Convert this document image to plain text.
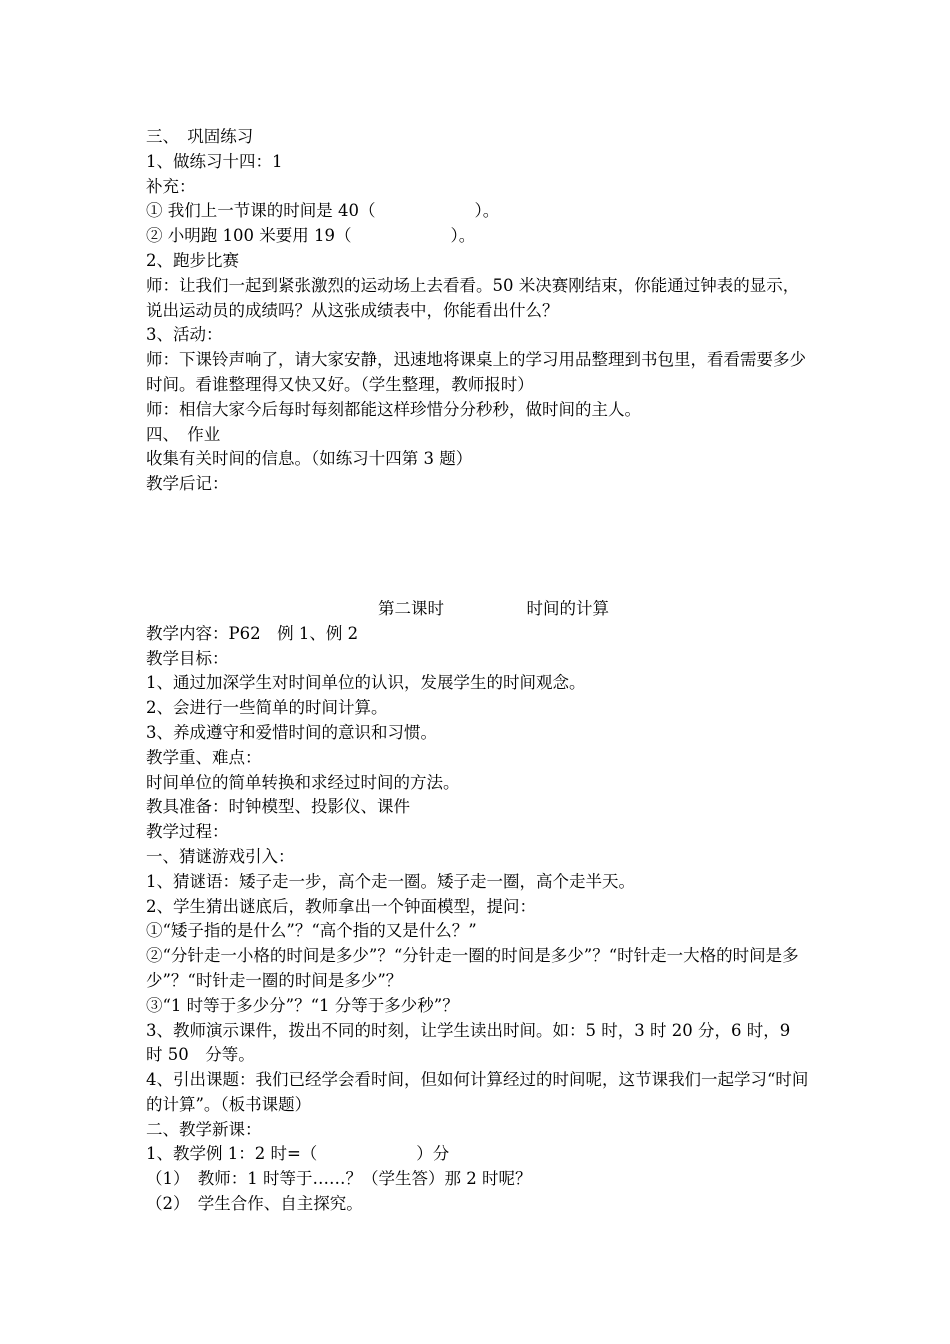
三、　巩固练习

1、做练习十四：1

补充：

① 我们上一节课的时间是 40（　　　　　　）。

② 小明跑 100 米要用 19（　　　　　　）。

2、跑步比赛

师：让我们一起到紧张激烈的运动场上去看看。50 米决赛刚结束，你能通过钟表的显示，说出运动员的成绩吗？从这张成绩表中，你能看出什么？

3、活动：

师：下课铃声响了，请大家安静，迅速地将课桌上的学习用品整理到书包里，看看需要多少时间。看谁整理得又快又好。（学生整理，教师报时）

师：相信大家今后每时每刻都能这样珍惜分分秒秒，做时间的主人。

四、　作业

收集有关时间的信息。（如练习十四第 3 题）

教学后记：

第二课时　　　　　	时间的计算

教学内容：P62　例 1、例 2

教学目标：

1、通过加深学生对时间单位的认识，发展学生的时间观念。

2、会进行一些简单的时间计算。

3、养成遵守和爱惜时间的意识和习惯。

教学重、难点：

时间单位的简单转换和求经过时间的方法。

教具准备：时钟模型、投影仪、课件

教学过程：

一、猜谜游戏引入：

1、猜谜语：矮子走一步，高个走一圈。矮子走一圈，高个走半天。

2、学生猜出谜底后，教师拿出一个钟面模型，提问：

①“矮子指的是什么”？“高个指的又是什么？”

②“分针走一小格的时间是多少”？“分针走一圈的时间是多少”？“时针走一大格的时间是多少”？“时针走一圈的时间是多少”？

③“1 时等于多少分”？“1 分等于多少秒”？

3、教师演示课件，拨出不同的时刻，让学生读出时间。如：5 时，3 时 20 分，6 时，9 时 50　分等。

4、引出课题：我们已经学会看时间，但如何计算经过的时间呢，这节课我们一起学习“时间的计算”。（板书课题）

二、教学新课：

1、教学例 1：2 时=（　　　　　　）分

（1）　教师：1 时等于……？（学生答）那 2 时呢？

（2）　学生合作、自主探究。
